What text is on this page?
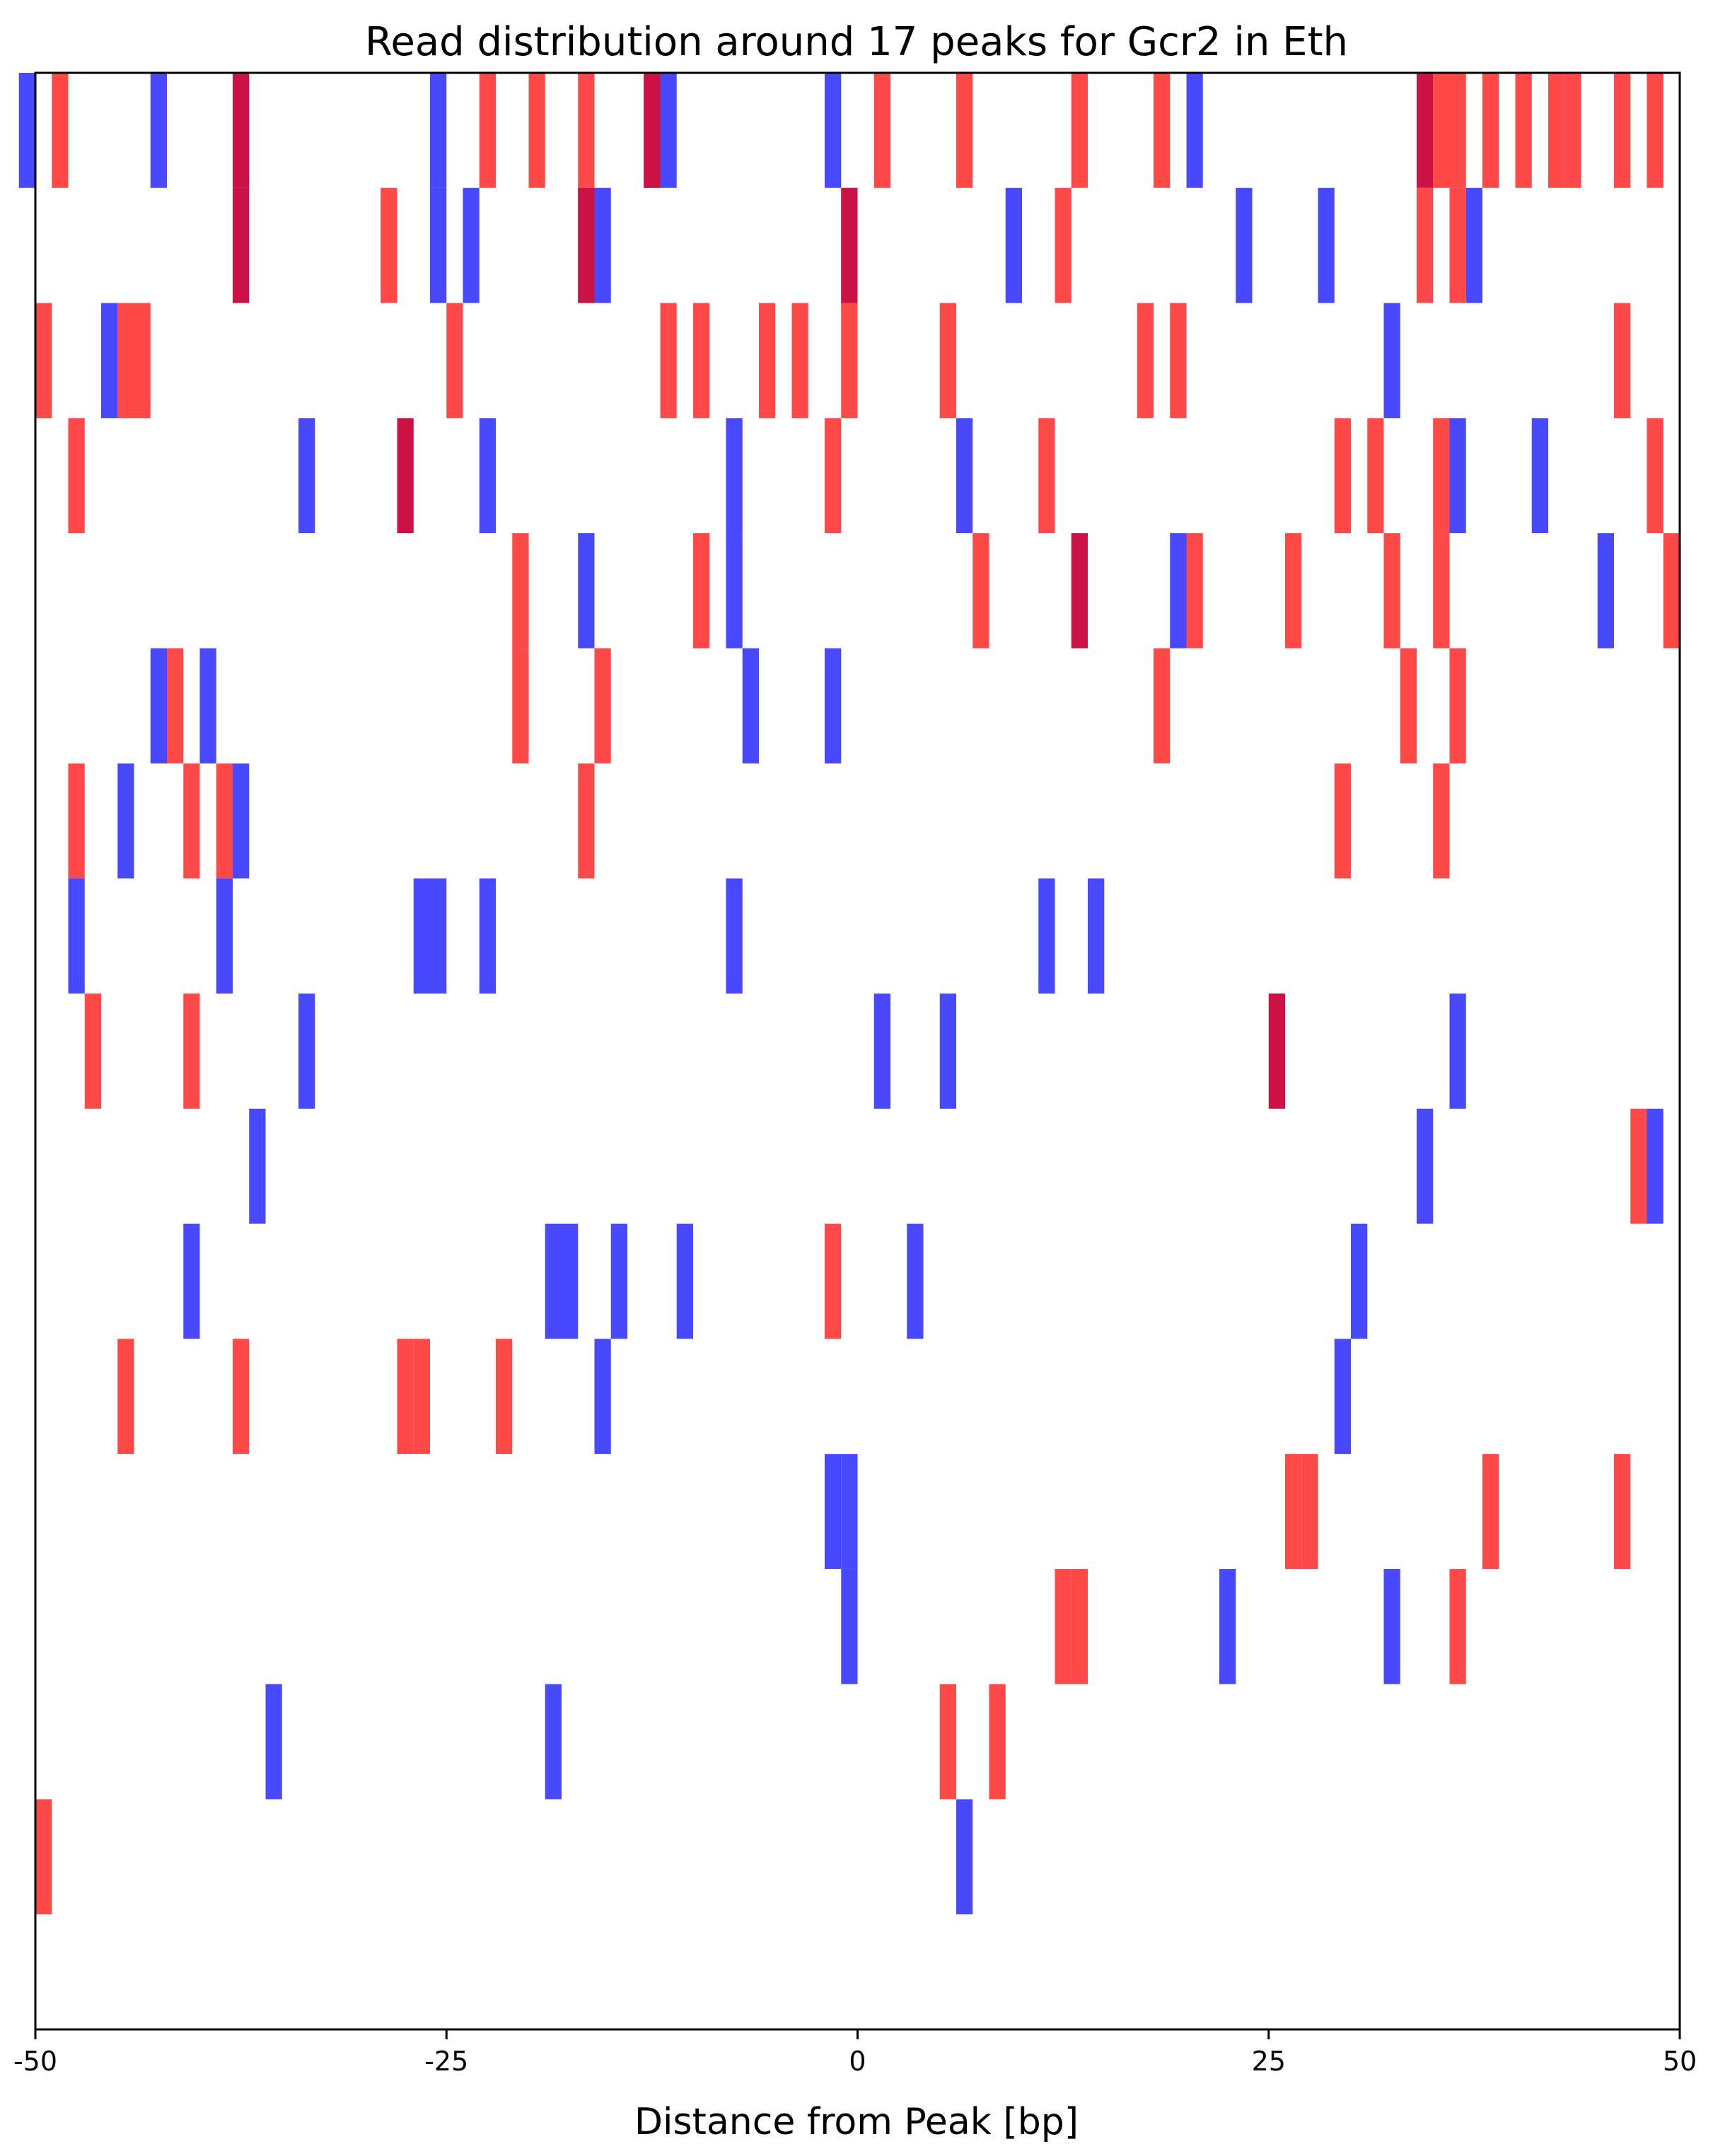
Read distribution around 17 peaks for Gcr2 in Eth
-50	-25	0	25	50
Distance from Peak [bp]
